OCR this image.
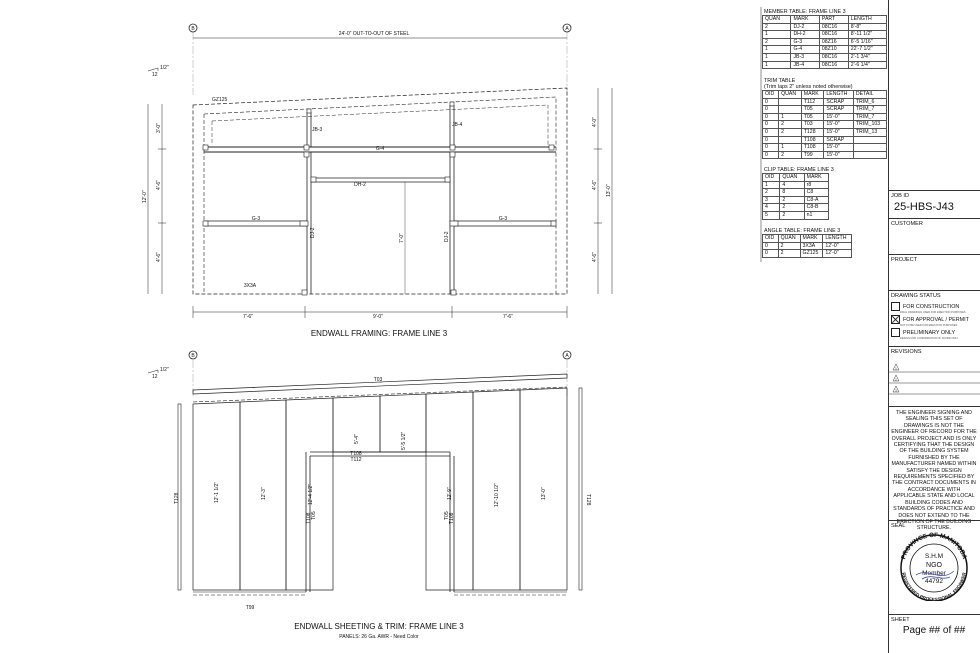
B	A
B	A
24'-0" OUT-TO-OUT OF STEEL
1/2"
12
GZ125
JB-3
JB-4
G-4
DH-2
G-3	G-3
DJ-2	DJ-2
7'-0"
3X3A
7'-6"	9'-0"	7'-6"
3'-0"
4'-6"
4'-6"
12'-0"
4'-0"
4'-6"
4'-6"
13'-0"
ENDWALL FRAMING: FRAME LINE 3
1/2"
12	T03
T128	T128
T108
T112
T108 T05	T05 T108
T99
12'-1 1/2"	12'-3"	12'-4 1/2"
5'-4"	5'-5 1/2"
12'-9"	12'-10 1/2"	13'-0"
ENDWALL SHEETING & TRIM: FRAME LINE 3
PANELS: 26 Ga. AWR - Need Color
MEMBER TABLE: FRAME LINE 3
QUAN	MARK	PART	LENGTH
2	DJ-2	08C16	8'-8"
1	DH-2	08C16	8'-11 1/2"
2	G-3	08Z16	6'-5 1/16"
1	G-4	08Z10	22'-7 1/2"
1	JB-3	08C16	2'-1 3/4"
1	JB-4	08C16	2'-6 1/4"
TRIM TABLE
(Trim laps 2" unless noted otherwise)
OID	QUAN	MARK	LENGTH	DETAIL
0		T112	SCRAP	TRIM_6
0		T05	SCRAP	TRIM_7
0	1	T05	15'-0"	TRIM_7
0	2	T03	15'-0"	TRIM_103
0	2	T128	15'-0"	TRIM_13
0		T108	SCRAP	
0	1	T108	15'-0"	
0	2	T99	15'-0"	
CLIP TABLE: FRAME LINE 3
OID	QUAN	MARK
1	4	r8
2	8	C8
3	2	C8-A
4	2	C8-B
5	2	n1
ANGLE TABLE: FRAME LINE 3
OID	QUAN	MARK	LENGTH
0	2	3X3A	12'-0"
0	2	GZ125	12'-0"
JOB ID
25-HBS-J43
CUSTOMER
PROJECT
DRAWING STATUS
FOR CONSTRUCTION
FINAL DRAWINGS USED FOR ERECTION PURPOSES
FOR APPROVAL / PERMIT
NOT TO BE USED FOR ERECTION PURPOSES
PRELIMINARY ONLY
DESIGN FOR CONFIRMATION OF SCOPE ONLY
REVISIONS
1
2
3
THE ENGINEER SIGNING AND SEALING THIS SET OF DRAWINGS IS NOT THE ENGINEER OF RECORD FOR THE OVERALL PROJECT AND IS ONLY CERTIFYING THAT THE DESIGN OF THE BUILDING SYSTEM FURNISHED BY THE MANUFACTURER NAMED WITHIN SATISFY THE DESIGN REQUIREMENTS SPECIFIED BY THE CONTRACT DOCUMENTS IN ACCORDANCE WITH APPLICABLE STATE AND LOCAL BUILDING CODES AND STANDARDS OF PRACTICE AND DOES NOT EXTEND TO THE ERECTION OF THE BUILDING STRUCTURE.
SEAL
PROVINCE OF MANITOBA
REGISTERED PROFESSIONAL ENGINEER
S.H.M
NGO
Member
44792
SHEET
Page ## of ##
